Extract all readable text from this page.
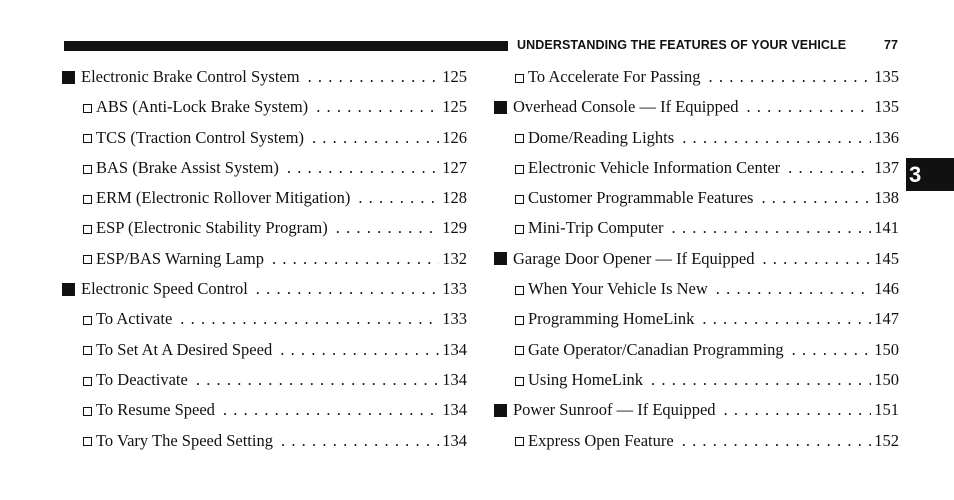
UNDERSTANDING THE FEATURES OF YOUR VEHICLE	77
Electronic Brake Control System . . .	125
ABS (Anti-Lock Brake System) . . .	125
TCS (Traction Control System) . . .	126
BAS (Brake Assist System) . . .	127
ERM (Electronic Rollover Mitigation) . . .	128
ESP (Electronic Stability Program) . . .	129
ESP/BAS Warning Lamp . . .	132
Electronic Speed Control . . .	133
To Activate . . .	133
To Set At A Desired Speed . . .	134
To Deactivate . . .	134
To Resume Speed . . .	134
To Vary The Speed Setting . . .	134
To Accelerate For Passing . . .	135
Overhead Console — If Equipped . . .	135
Dome/Reading Lights . . .	136
Electronic Vehicle Information Center . . .	137
Customer Programmable Features . . .	138
Mini-Trip Computer . . .	141
Garage Door Opener — If Equipped . . .	145
When Your Vehicle Is New . . .	146
Programming HomeLink . . .	147
Gate Operator/Canadian Programming . . .	150
Using HomeLink . . .	150
Power Sunroof — If Equipped . . .	151
Express Open Feature . . .	152
3
